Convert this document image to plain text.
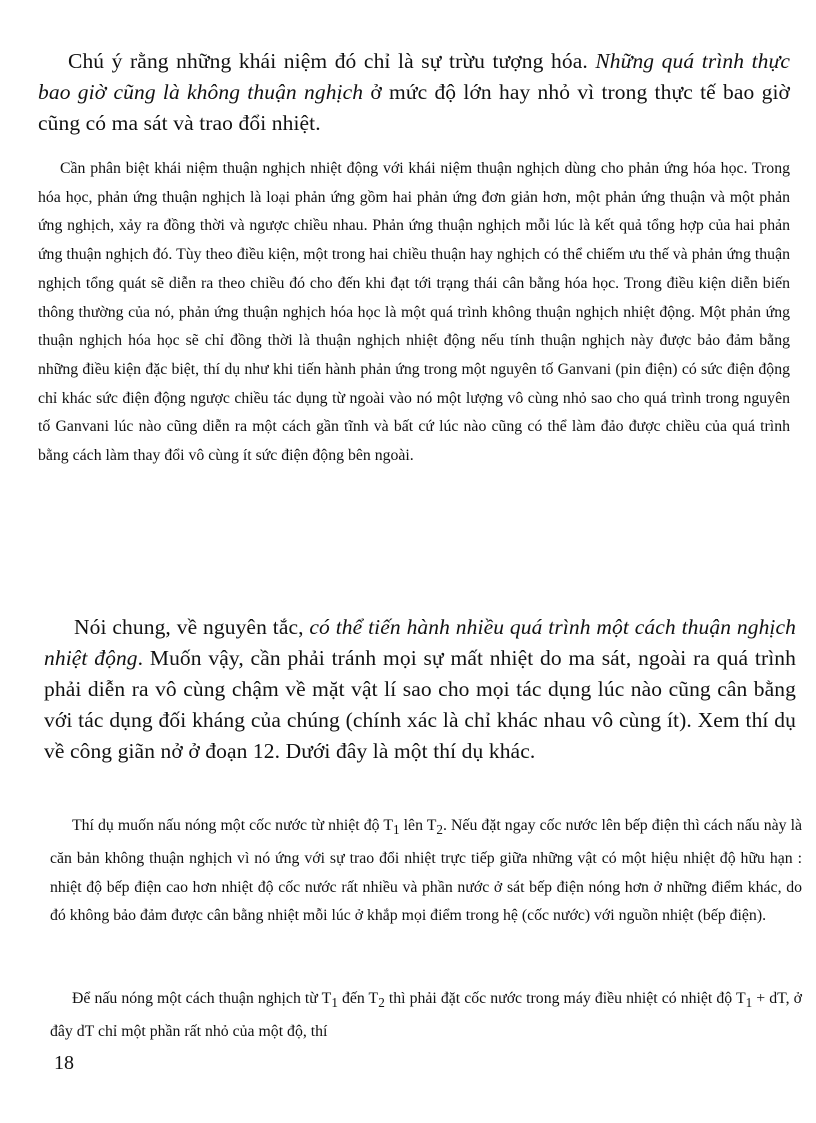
Chú ý rằng những khái niệm đó chỉ là sự trừu tượng hóa. Những quá trình thực bao giờ cũng là không thuận nghịch ở mức độ lớn hay nhỏ vì trong thực tế bao giờ cũng có ma sát và trao đổi nhiệt.

Cần phân biệt khái niệm thuận nghịch nhiệt động với khái niệm thuận nghịch dùng cho phản ứng hóa học. Trong hóa học, phản ứng thuận nghịch là loại phản ứng gồm hai phản ứng đơn giản hơn, một phản ứng thuận và một phản ứng nghịch, xảy ra đồng thời và ngược chiều nhau. Phản ứng thuận nghịch mỗi lúc là kết quả tổng hợp của hai phản ứng thuận nghịch đó. Tùy theo điều kiện, một trong hai chiều thuận hay nghịch có thể chiếm ưu thế và phản ứng thuận nghịch tổng quát sẽ diễn ra theo chiều đó cho đến khi đạt tới trạng thái cân bằng hóa học. Trong điều kiện diễn biến thông thường của nó, phản ứng thuận nghịch hóa học là một quá trình không thuận nghịch nhiệt động. Một phản ứng thuận nghịch hóa học sẽ chỉ đồng thời là thuận nghịch nhiệt động nếu tính thuận nghịch này được bảo đảm bằng những điều kiện đặc biệt, thí dụ như khi tiến hành phản ứng trong một nguyên tố Ganvani (pin điện) có sức điện động chỉ khác sức điện động ngược chiều tác dụng từ ngoài vào nó một lượng vô cùng nhỏ sao cho quá trình trong nguyên tố Ganvani lúc nào cũng diễn ra một cách gần tĩnh và bất cứ lúc nào cũng có thể làm đảo được chiều của quá trình bằng cách làm thay đổi vô cùng ít sức điện động bên ngoài.

Nói chung, về nguyên tắc, có thể tiến hành nhiều quá trình một cách thuận nghịch nhiệt động. Muốn vậy, cần phải tránh mọi sự mất nhiệt do ma sát, ngoài ra quá trình phải diễn ra vô cùng chậm về mặt vật lí sao cho mọi tác dụng lúc nào cũng cân bằng với tác dụng đối kháng của chúng (chính xác là chỉ khác nhau vô cùng ít). Xem thí dụ về công giãn nở ở đoạn 12. Dưới đây là một thí dụ khác.

Thí dụ muốn nấu nóng một cốc nước từ nhiệt độ $T_1$ lên $T_2$. Nếu đặt ngay cốc nước lên bếp điện thì cách nấu này là căn bản không thuận nghịch vì nó ứng với sự trao đổi nhiệt trực tiếp giữa những vật có một hiệu nhiệt độ hữu hạn : nhiệt độ bếp điện cao hơn nhiệt độ cốc nước rất nhiều và phần nước ở sát bếp điện nóng hơn ở những điểm khác, do đó không bảo đảm được cân bằng nhiệt mỗi lúc ở khắp mọi điểm trong hệ (cốc nước) với nguồn nhiệt (bếp điện).

Để nấu nóng một cách thuận nghịch từ $T_1$ đến $T_2$ thì phải đặt cốc nước trong máy điều nhiệt có nhiệt độ $T_1$ + dT, ở đây dT chỉ một phần rất nhỏ của một độ, thí

18
